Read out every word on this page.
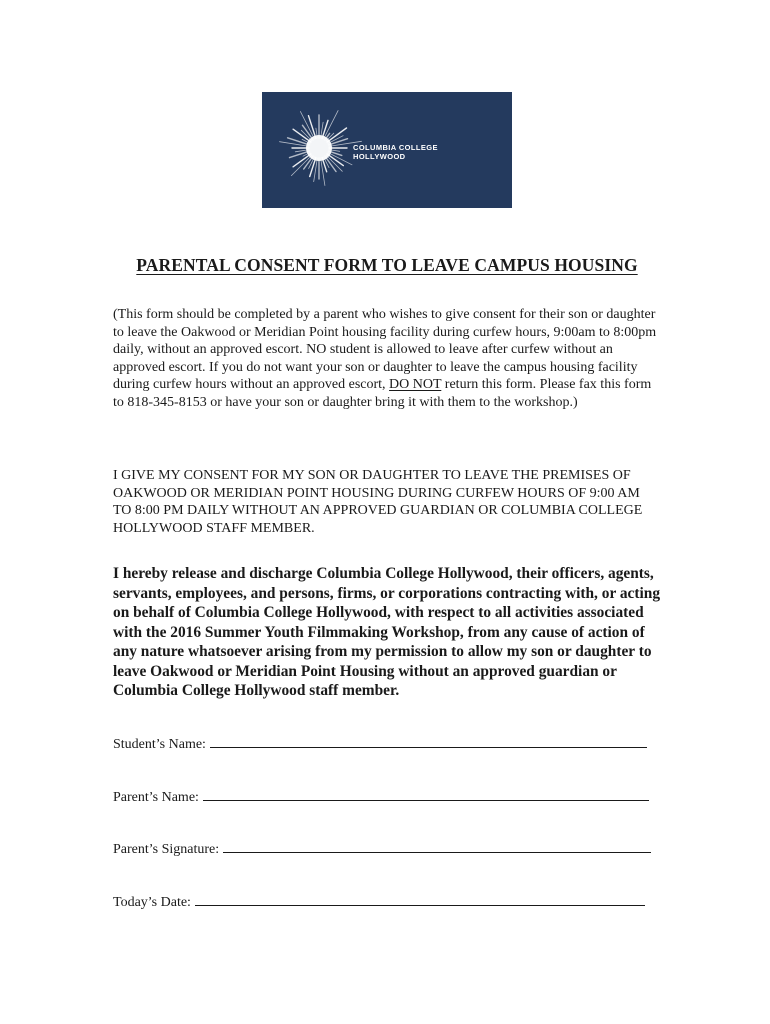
COLUMBIA COLLEGE
HOLLYWOOD
PARENTAL CONSENT FORM TO LEAVE CAMPUS HOUSING

(This form should be completed by a parent who wishes to give consent for their son or daughter to leave the Oakwood or Meridian Point housing facility during curfew hours, 9:00am to 8:00pm daily, without an approved escort. NO student is allowed to leave after curfew without an approved escort. If you do not want your son or daughter to leave the campus housing facility during curfew hours without an approved escort, DO NOT return this form. Please fax this form to 818-345-8153 or have your son or daughter bring it with them to the workshop.)

I GIVE MY CONSENT FOR MY SON OR DAUGHTER TO LEAVE THE PREMISES OF OAKWOOD OR MERIDIAN POINT HOUSING DURING CURFEW HOURS OF 9:00 AM TO 8:00 PM DAILY WITHOUT AN APPROVED GUARDIAN OR COLUMBIA COLLEGE HOLLYWOOD STAFF MEMBER.

I hereby release and discharge Columbia College Hollywood, their officers, agents, servants, employees, and persons, firms, or corporations contracting with, or acting on behalf of Columbia College Hollywood, with respect to all activities associated with the 2016 Summer Youth Filmmaking Workshop, from any cause of action of any nature whatsoever arising from my permission to allow my son or daughter to leave Oakwood or Meridian Point Housing without an approved guardian or Columbia College Hollywood staff member.

Student’s Name:
Parent’s Name:
Parent’s Signature:
Today’s Date:
